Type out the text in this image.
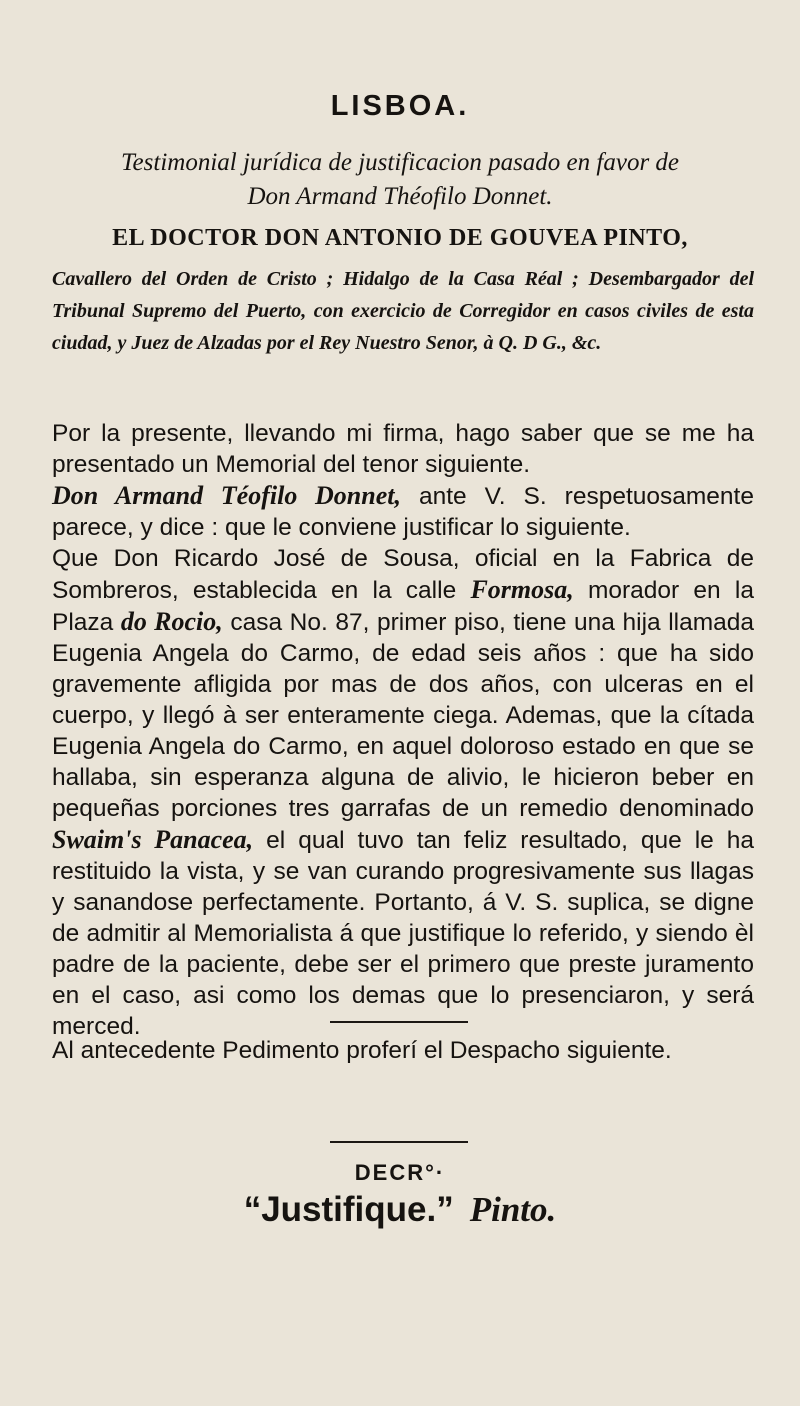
LISBOA.
Testimonial jurídica de justificacion pasado en favor de
Don Armand Théofilo Donnet.
EL DOCTOR DON ANTONIO DE GOUVEA PINTO,

Cavallero del Orden de Cristo ; Hidalgo de la Casa Réal ; Desembargador del Tribunal Supremo del Puerto, con exercicio de Corregidor en casos civiles de esta ciudad, y Juez de Alzadas por el Rey Nuestro Senor, à Q. D G., &c.

Por la presente, llevando mi firma, hago saber que se me ha presentado un Memorial del tenor siguiente.

Don Armand Téofilo Donnet, ante V. S. respetuosamente parece, y dice : que le conviene justificar lo siguiente.

Que Don Ricardo José de Sousa, oficial en la Fabrica de Sombreros, establecida en la calle Formosa, morador en la Plaza do Rocio, casa No. 87, primer piso, tiene una hija llamada Eugenia Angela do Carmo, de edad seis años : que ha sido gravemente afligida por mas de dos años, con ulceras en el cuerpo, y llegó à ser enteramente ciega. Ademas, que la cítada Eugenia Angela do Carmo, en aquel doloroso estado en que se hallaba, sin esperanza alguna de alivio, le hicieron beber en pequeñas porciones tres garrafas de un remedio denominado Swaim's Panacea, el qual tuvo tan feliz resultado, que le ha restituido la vista, y se van curando progresivamente sus llagas y sanandose perfectamente. Portanto, á V. S. suplica, se digne de admitir al Memorialista á que justifique lo referido, y siendo èl padre de la paciente, debe ser el primero que preste juramento en el caso, asi como los demas que lo presenciaron, y será merced.

Al antecedente Pedimento proferí el Despacho siguiente.

DECR°·
“Justifique.” Pinto.
